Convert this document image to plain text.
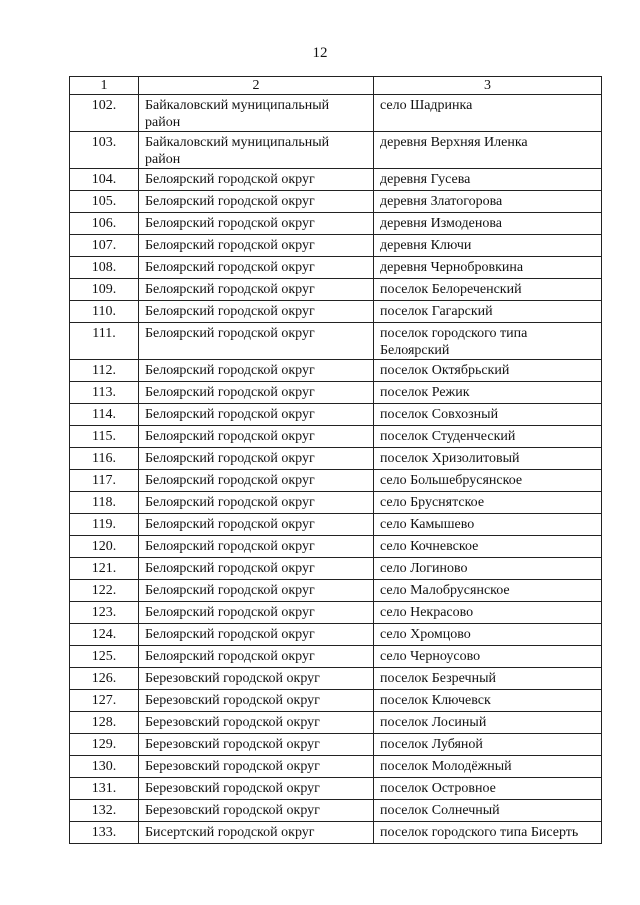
12
1	2	3
102.	Байкаловский муниципальный район	село Шадринка
103.	Байкаловский муниципальный район	деревня Верхняя Иленка
104.	Белоярский городской округ	деревня Гусева
105.	Белоярский городской округ	деревня Златогорова
106.	Белоярский городской округ	деревня Измоденова
107.	Белоярский городской округ	деревня Ключи
108.	Белоярский городской округ	деревня Чернобровкина
109.	Белоярский городской округ	поселок Белореченский
110.	Белоярский городской округ	поселок Гагарский
111.	Белоярский городской округ	поселок городского типа Белоярский
112.	Белоярский городской округ	поселок Октябрьский
113.	Белоярский городской округ	поселок Режик
114.	Белоярский городской округ	поселок Совхозный
115.	Белоярский городской округ	поселок Студенческий
116.	Белоярский городской округ	поселок Хризолитовый
117.	Белоярский городской округ	село Большебрусянское
118.	Белоярский городской округ	село Бруснятское
119.	Белоярский городской округ	село Камышево
120.	Белоярский городской округ	село Кочневское
121.	Белоярский городской округ	село Логиново
122.	Белоярский городской округ	село Малобрусянское
123.	Белоярский городской округ	село Некрасово
124.	Белоярский городской округ	село Хромцово
125.	Белоярский городской округ	село Черноусово
126.	Березовский городской округ	поселок Безречный
127.	Березовский городской округ	поселок Ключевск
128.	Березовский городской округ	поселок Лосиный
129.	Березовский городской округ	поселок Лубяной
130.	Березовский городской округ	поселок Молодёжный
131.	Березовский городской округ	поселок Островное
132.	Березовский городской округ	поселок Солнечный
133.	Бисертский городской округ	поселок городского типа Бисерть
